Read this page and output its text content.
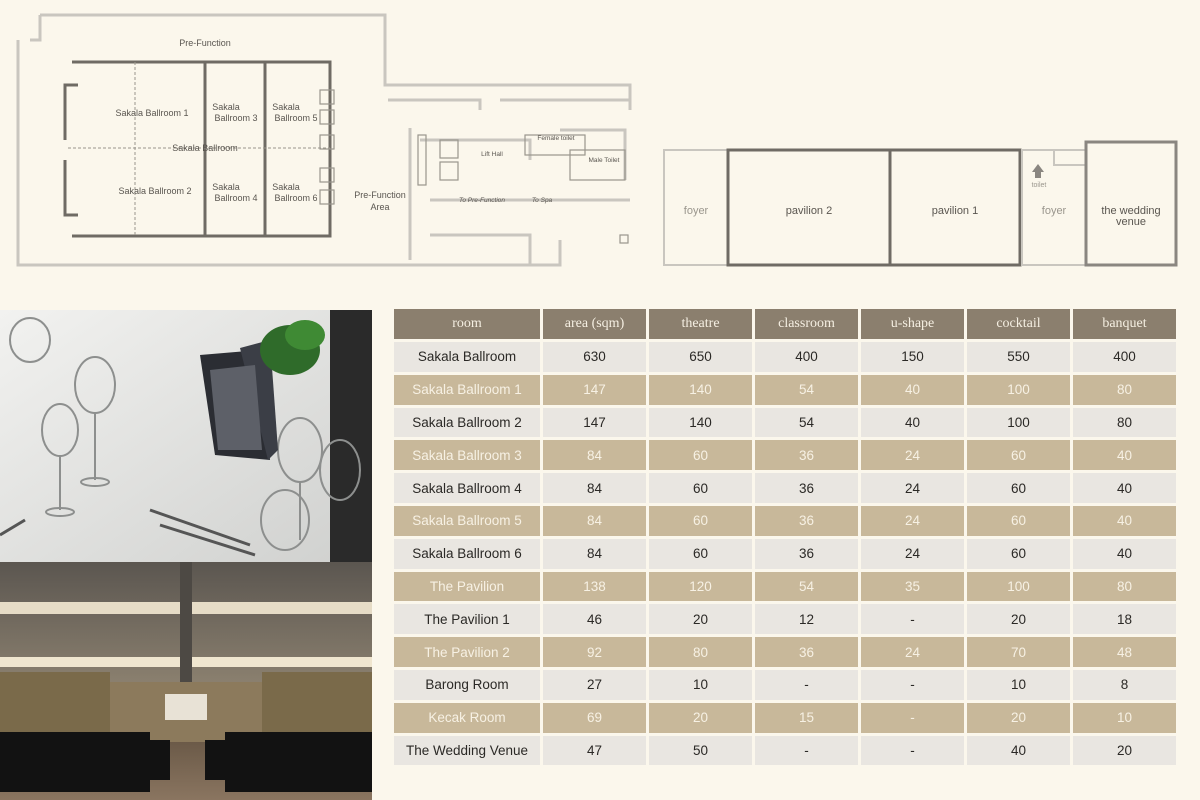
Pre-Function
Sakala Ballroom 1
Sakala Ballroom 2
Sakala
Ballroom 3
Sakala
Ballroom 5
Sakala Ballroom
Sakala
Ballroom 4
Sakala
Ballroom 6	Pre-Function
Area
Lift Hall
Female toilet
Male Toilet
To Pre-Function	To Spa
foyer	pavilion 2	pavilion 1	foyer	the wedding
venue
toilet
room	area (sqm)	theatre	classroom	u-shape	cocktail	banquet
Sakala Ballroom	630	650	400	150	550	400
Sakala Ballroom 1	147	140	54	40	100	80
Sakala Ballroom 2	147	140	54	40	100	80
Sakala Ballroom 3	84	60	36	24	60	40
Sakala Ballroom 4	84	60	36	24	60	40
Sakala Ballroom 5	84	60	36	24	60	40
Sakala Ballroom 6	84	60	36	24	60	40
The Pavilion	138	120	54	35	100	80
The Pavilion 1	46	20	12	-	20	18
The Pavilion 2	92	80	36	24	70	48
Barong Room	27	10	-	-	10	8
Kecak Room	69	20	15	-	20	10
The Wedding Venue	47	50	-	-	40	20
